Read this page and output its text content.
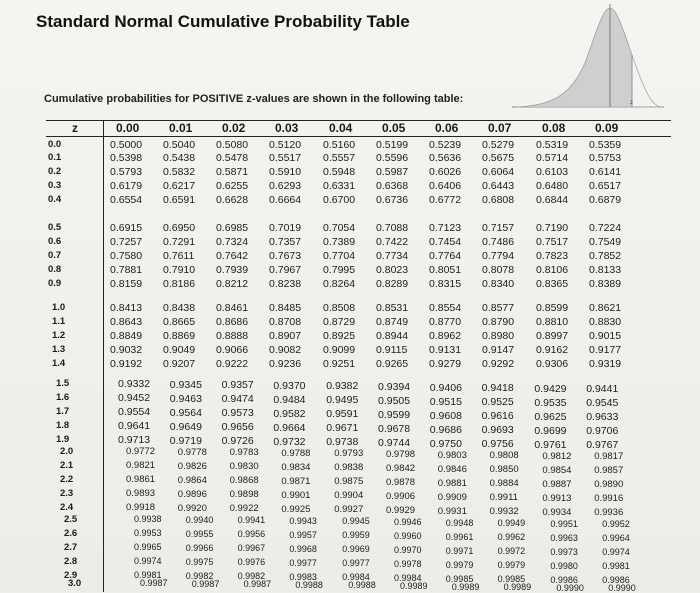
Standard Normal Cumulative Probability Table
Cumulative probabilities for POSITIVE z-values are shown in the following table:	z
z	0.00 0.01 0.02 0.03	0.04 0.05 0.06 0.07	0.08 0.09
0.0	0.5000 0.5040 0.5080 0.5120 0.5160 0.5199 0.5239 0.5279 0.5319 0.5359
0.1	0.5398 0.5438 0.5478 0.5517 0.5557 0.5596 0.5636 0.5675 0.5714 0.5753
0.2	0.5793 0.5832 0.5871 0.5910 0.5948 0.5987 0.6026 0.6064 0.6103 0.6141
0.3	0.6179 0.6217 0.6255 0.6293 0.6331 0.6368 0.6406 0.6443 0.6480 0.6517
0.4	0.6554 0.6591 0.6628 0.6664 0.6700 0.6736 0.6772 0.6808 0.6844 0.6879
0.5	0.6915 0.6950 0.6985 0.7019 0.7054 0.7088 0.7123 0.7157 0.7190 0.7224
0.6	0.7257 0.7291 0.7324 0.7357 0.7389 0.7422 0.7454 0.7486 0.7517 0.7549
0.7	0.7580 0.7611 0.7642 0.7673 0.7704 0.7734 0.7764 0.7794 0.7823 0.7852
0.8	0.7881 0.7910 0.7939 0.7967 0.7995 0.8023 0.8051 0.8078 0.8106 0.8133
0.9	0.8159 0.8186 0.8212 0.8238 0.8264 0.8289 0.8315 0.8340 0.8365 0.8389
1.0	0.8413 0.8438 0.8461 0.8485 0.8508 0.8531 0.8554 0.8577 0.8599 0.8621
1.1	0.8643 0.8665 0.8686 0.8708 0.8729 0.8749 0.8770 0.8790 0.8810 0.8830
1.2	0.8849 0.8869 0.8888 0.8907 0.8925 0.8944 0.8962 0.8980 0.8997 0.9015
1.3	0.9032 0.9049 0.9066 0.9082 0.9099 0.9115 0.9131 0.9147 0.9162 0.9177
1.4	0.9192 0.9207 0.9222 0.9236 0.9251 0.9265 0.9279 0.9292 0.9306 0.9319
1.5	0.9332 0.9345 0.9357 0.9370 0.9382 0.9394 0.9406 0.9418 0.9429 0.9441
1.6	0.9452 0.9463 0.9474 0.9484 0.9495 0.9505 0.9515 0.9525 0.9535 0.9545
1.7	0.9554 0.9564 0.9573 0.9582 0.9591 0.9599 0.9608 0.9616 0.9625 0.9633
1.8	0.9641 0.9649 0.9656 0.9664 0.9671 0.9678 0.9686 0.9693 0.9699 0.9706
1.9	0.9713 0.9719 0.9726 0.9732 0.9738 0.9744 0.9750 0.9756 0.9761 0.9767
2.0	0.9772 0.9778 0.9783 0.9788 0.9793 0.9798 0.9803 0.9808 0.9812 0.9817
2.1	0.9821 0.9826 0.9830 0.9834 0.9838 0.9842 0.9846 0.9850 0.9854 0.9857
2.2	0.9861 0.9864 0.9868 0.9871 0.9875 0.9878 0.9881 0.9884 0.9887 0.9890
2.3	0.9893 0.9896 0.9898 0.9901 0.9904 0.9906 0.9909 0.9911	0.9913 0.9916
2.4	0.9918 0.9920 0.9922 0.9925 0.9927 0.9929 0.9931 0.9932 0.9934 0.9936
2.5	0.9938	0.9940	0.9941	0.9943	0.9945	0.9946	0.9948	0.9949	0.9951	0.9952
2.6	0.9953	0.9955	0.9956	0.9957	0.9959	0.9960	0.9961	0.9962	0.9963	0.9964
2.7	0.9965	0.9966	0.9967	0.9968	0.9969	0.9970	0.9971	0.9972	0.9973	0.9974
2.8	0.9974	0.9975	0.9976	0.9977	0.9977	0.9978	0.9979	0.9979	0.9980	0.9981
2.9	0.9981	0.9982	0.9982	0.9983	0.9984	0.9984	0.9985	0.9985	0.9986	0.9986
3.0	0.9987	0.9987	0.9987	0.9988	0.9988	0.9989	0.9989	0.9989	0.9990	0.9990
